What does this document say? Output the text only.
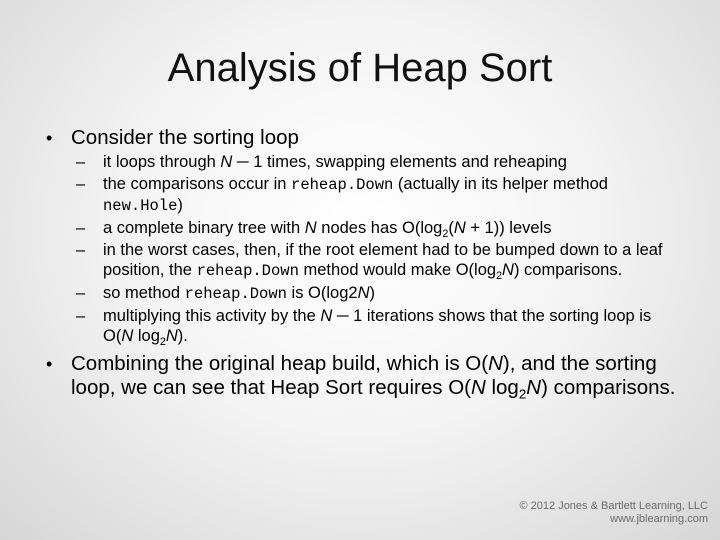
Analysis of Heap Sort
• Consider the sorting loop
– it loops through N ─ 1 times, swapping elements and reheaping
– the comparisons occur in reheap.Down (actually in its helper method new.Hole)
– a complete binary tree with N nodes has $O(\log_2(N + 1))$ levels
– in the worst cases, then, if the root element had to be bumped down to a leaf position, the reheap.Down method would make $O(\log_2N)$ comparisons.
– so method reheap.Down is O(log2N)
– multiplying this activity by the N ─ 1 iterations shows that the sorting loop is O(N $\log_2N$).
• Combining the original heap build, which is O(N), and the sorting loop, we can see that Heap Sort requires O(N $\log_2N$) comparisons.
© 2012 Jones & Bartlett Learning, LLC
www.jblearning.com
